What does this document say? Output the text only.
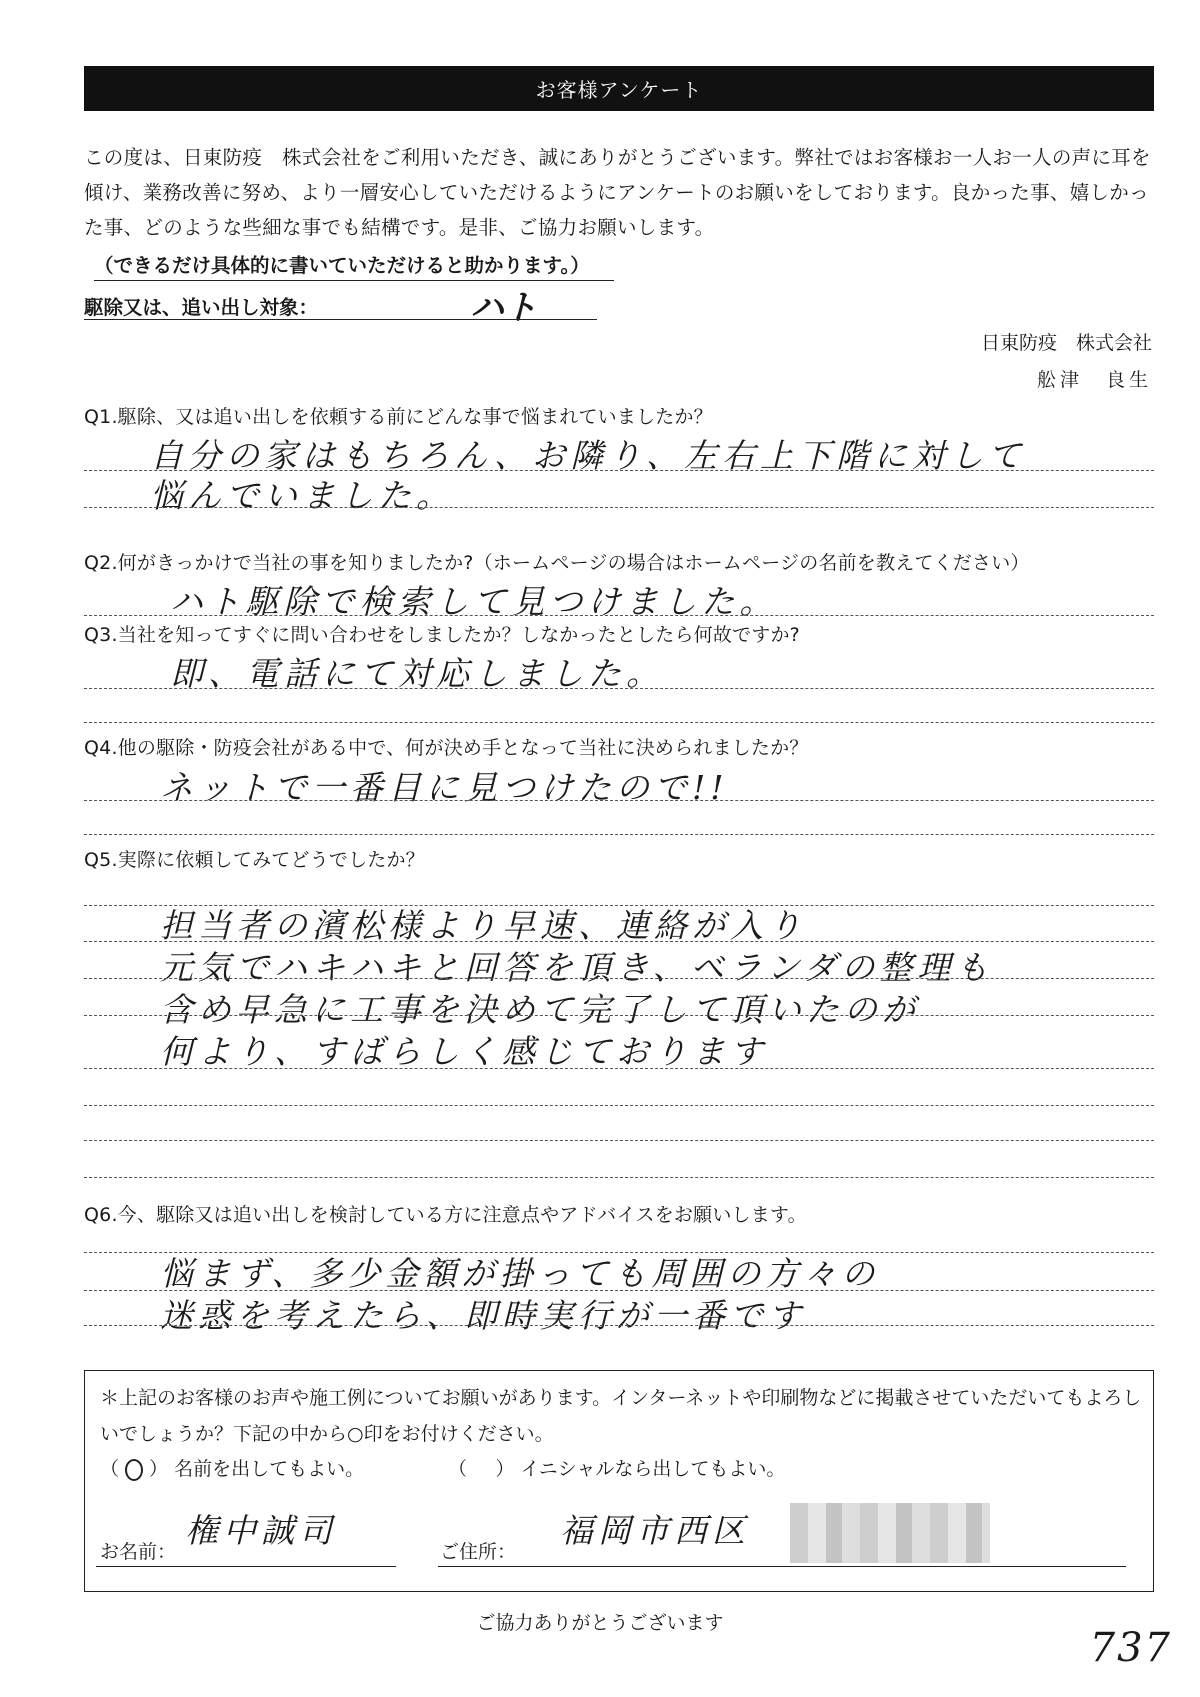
お客様アンケート
この度は、日東防疫　株式会社をご利用いただき、誠にありがとうございます。弊社ではお客様お一人お一人の声に耳を傾け、業務改善に努め、より一層安心していただけるようにアンケートのお願いをしております。良かった事、嬉しかった事、どのような些細な事でも結構です。是非、ご協力お願いします。
（できるだけ具体的に書いていただけると助かります。）
駆除又は、追い出し対象：	ハト
日東防疫　株式会社
舩津　良生
Q1.駆除、又は追い出しを依頼する前にどんな事で悩まれていましたか？
自分の家はもちろん、お隣り、左右上下階に対して
悩んでいました。
Q2.何がきっかけで当社の事を知りましたか?（ホームページの場合はホームページの名前を教えてください）
ハト駆除で検索して見つけました。
Q3.当社を知ってすぐに問い合わせをしましたか？しなかったとしたら何故ですか?
即、電話にて対応しました。
Q4.他の駆除・防疫会社がある中で、何が決め手となって当社に決められましたか？
ネットで一番目に見つけたので!!
Q5.実際に依頼してみてどうでしたか？
担当者の濱松様より早速、連絡が入り
元気でハキハキと回答を頂き、ベランダの整理も
含め早急に工事を決めて完了して頂いたのが
何より、すばらしく感じております
Q6.今、駆除又は追い出しを検討している方に注意点やアドバイスをお願いします。
悩まず、多少金額が掛っても周囲の方々の
迷惑を考えたら、即時実行が一番です
＊上記のお客様のお声や施工例についてお願いがあります。インターネットや印刷物などに掲載させていただいてもよろしいでしょうか？下記の中から○印をお付けください。
（ ○ ） 名前を出してもよい。	（  ） イニシャルなら出してもよい。
お名前：
権中誠司
ご住所：
福岡市西区
ご協力ありがとうございます
737
